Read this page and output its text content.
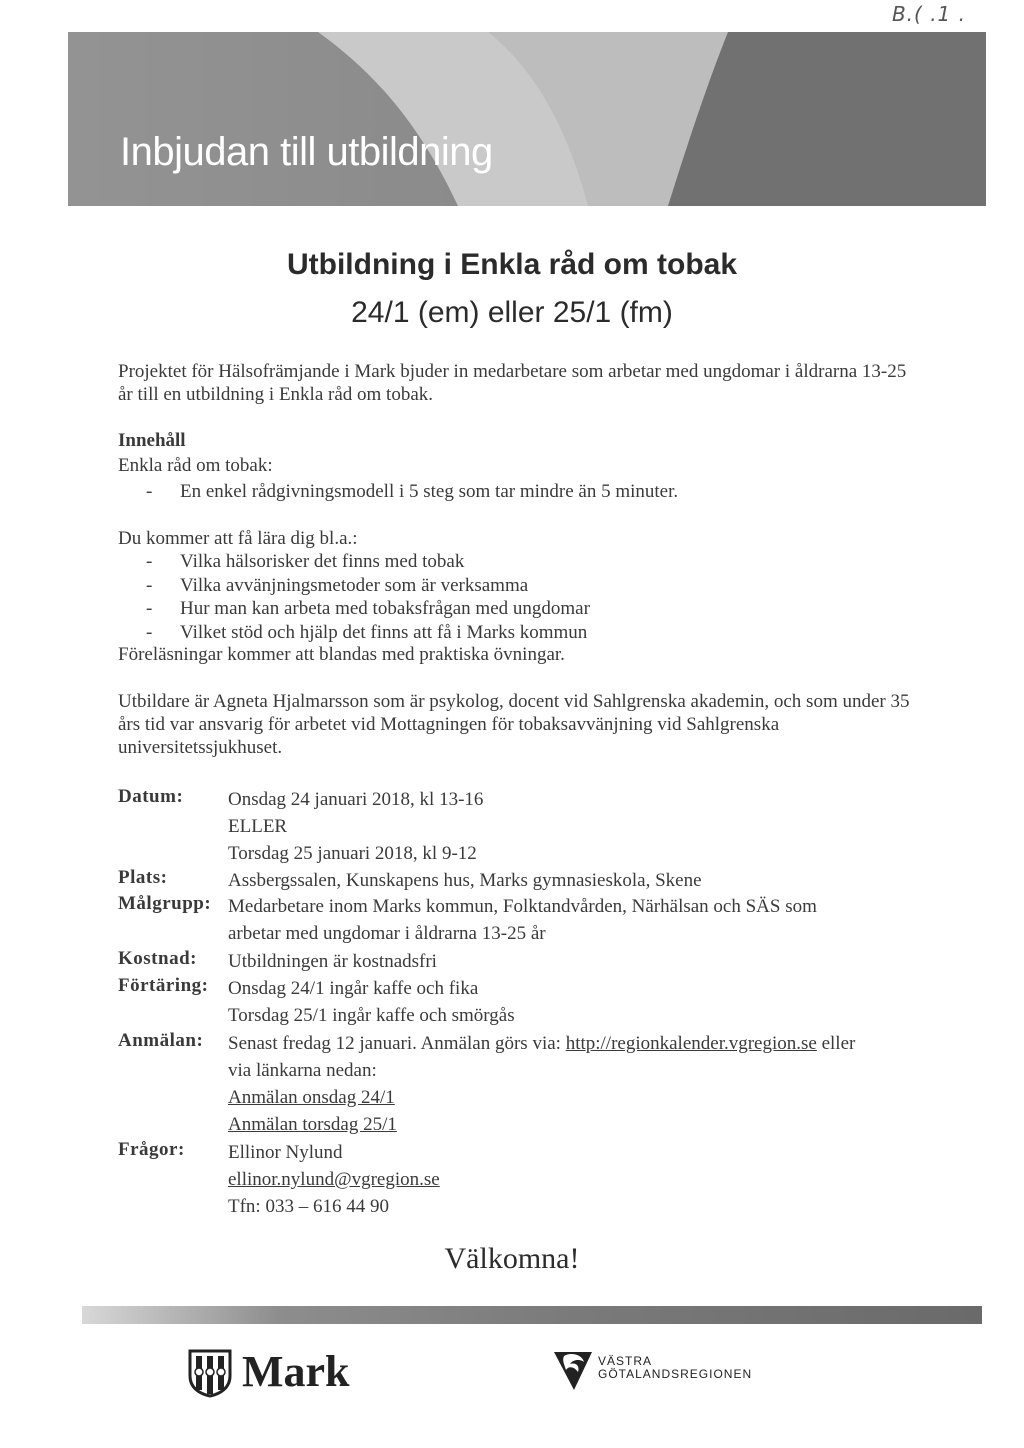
B.( .1 .
Inbjudan till utbildning
Utbildning i Enkla råd om tobak
24/1 (em) eller 25/1 (fm)
Projektet för Hälsofrämjande i Mark bjuder in medarbetare som arbetar med ungdomar i åldrarna 13-25 år till en utbildning i Enkla råd om tobak.
Innehåll
Enkla råd om tobak:
- En enkel rådgivningsmodell i 5 steg som tar mindre än 5 minuter.
Du kommer att få lära dig bl.a.:
- Vilka hälsorisker det finns med tobak
- Vilka avvänjningsmetoder som är verksamma
- Hur man kan arbeta med tobaksfrågan med ungdomar
- Vilket stöd och hjälp det finns att få i Marks kommun
Föreläsningar kommer att blandas med praktiska övningar.
Utbildare är Agneta Hjalmarsson som är psykolog, docent vid Sahlgrenska akademin, och som under 35 års tid var ansvarig för arbetet vid Mottagningen för tobaksavvänjning vid Sahlgrenska universitetssjukhuset.
Datum: Onsdag 24 januari 2018, kl 13-16
ELLER
Torsdag 25 januari 2018, kl 9-12
Plats:	Assbergssalen, Kunskapens hus, Marks gymnasieskola, Skene
Målgrupp: Medarbetare inom Marks kommun, Folktandvården, Närhälsan och SÄS som
arbetar med ungdomar i åldrarna 13-25 år
Kostnad: Utbildningen är kostnadsfri
Förtäring: Onsdag 24/1 ingår kaffe och fika
Torsdag 25/1 ingår kaffe och smörgås
Anmälan: Senast fredag 12 januari. Anmälan görs via: http://regionkalender.vgregion.se eller
via länkarna nedan:
Anmälan onsdag 24/1
Anmälan torsdag 25/1
Frågor: Ellinor Nylund
ellinor.nylund@vgregion.se
Tfn: 033 – 616 44 90
Välkomna!
Mark	VÄSTRA
GÖTALANDSREGIONEN
